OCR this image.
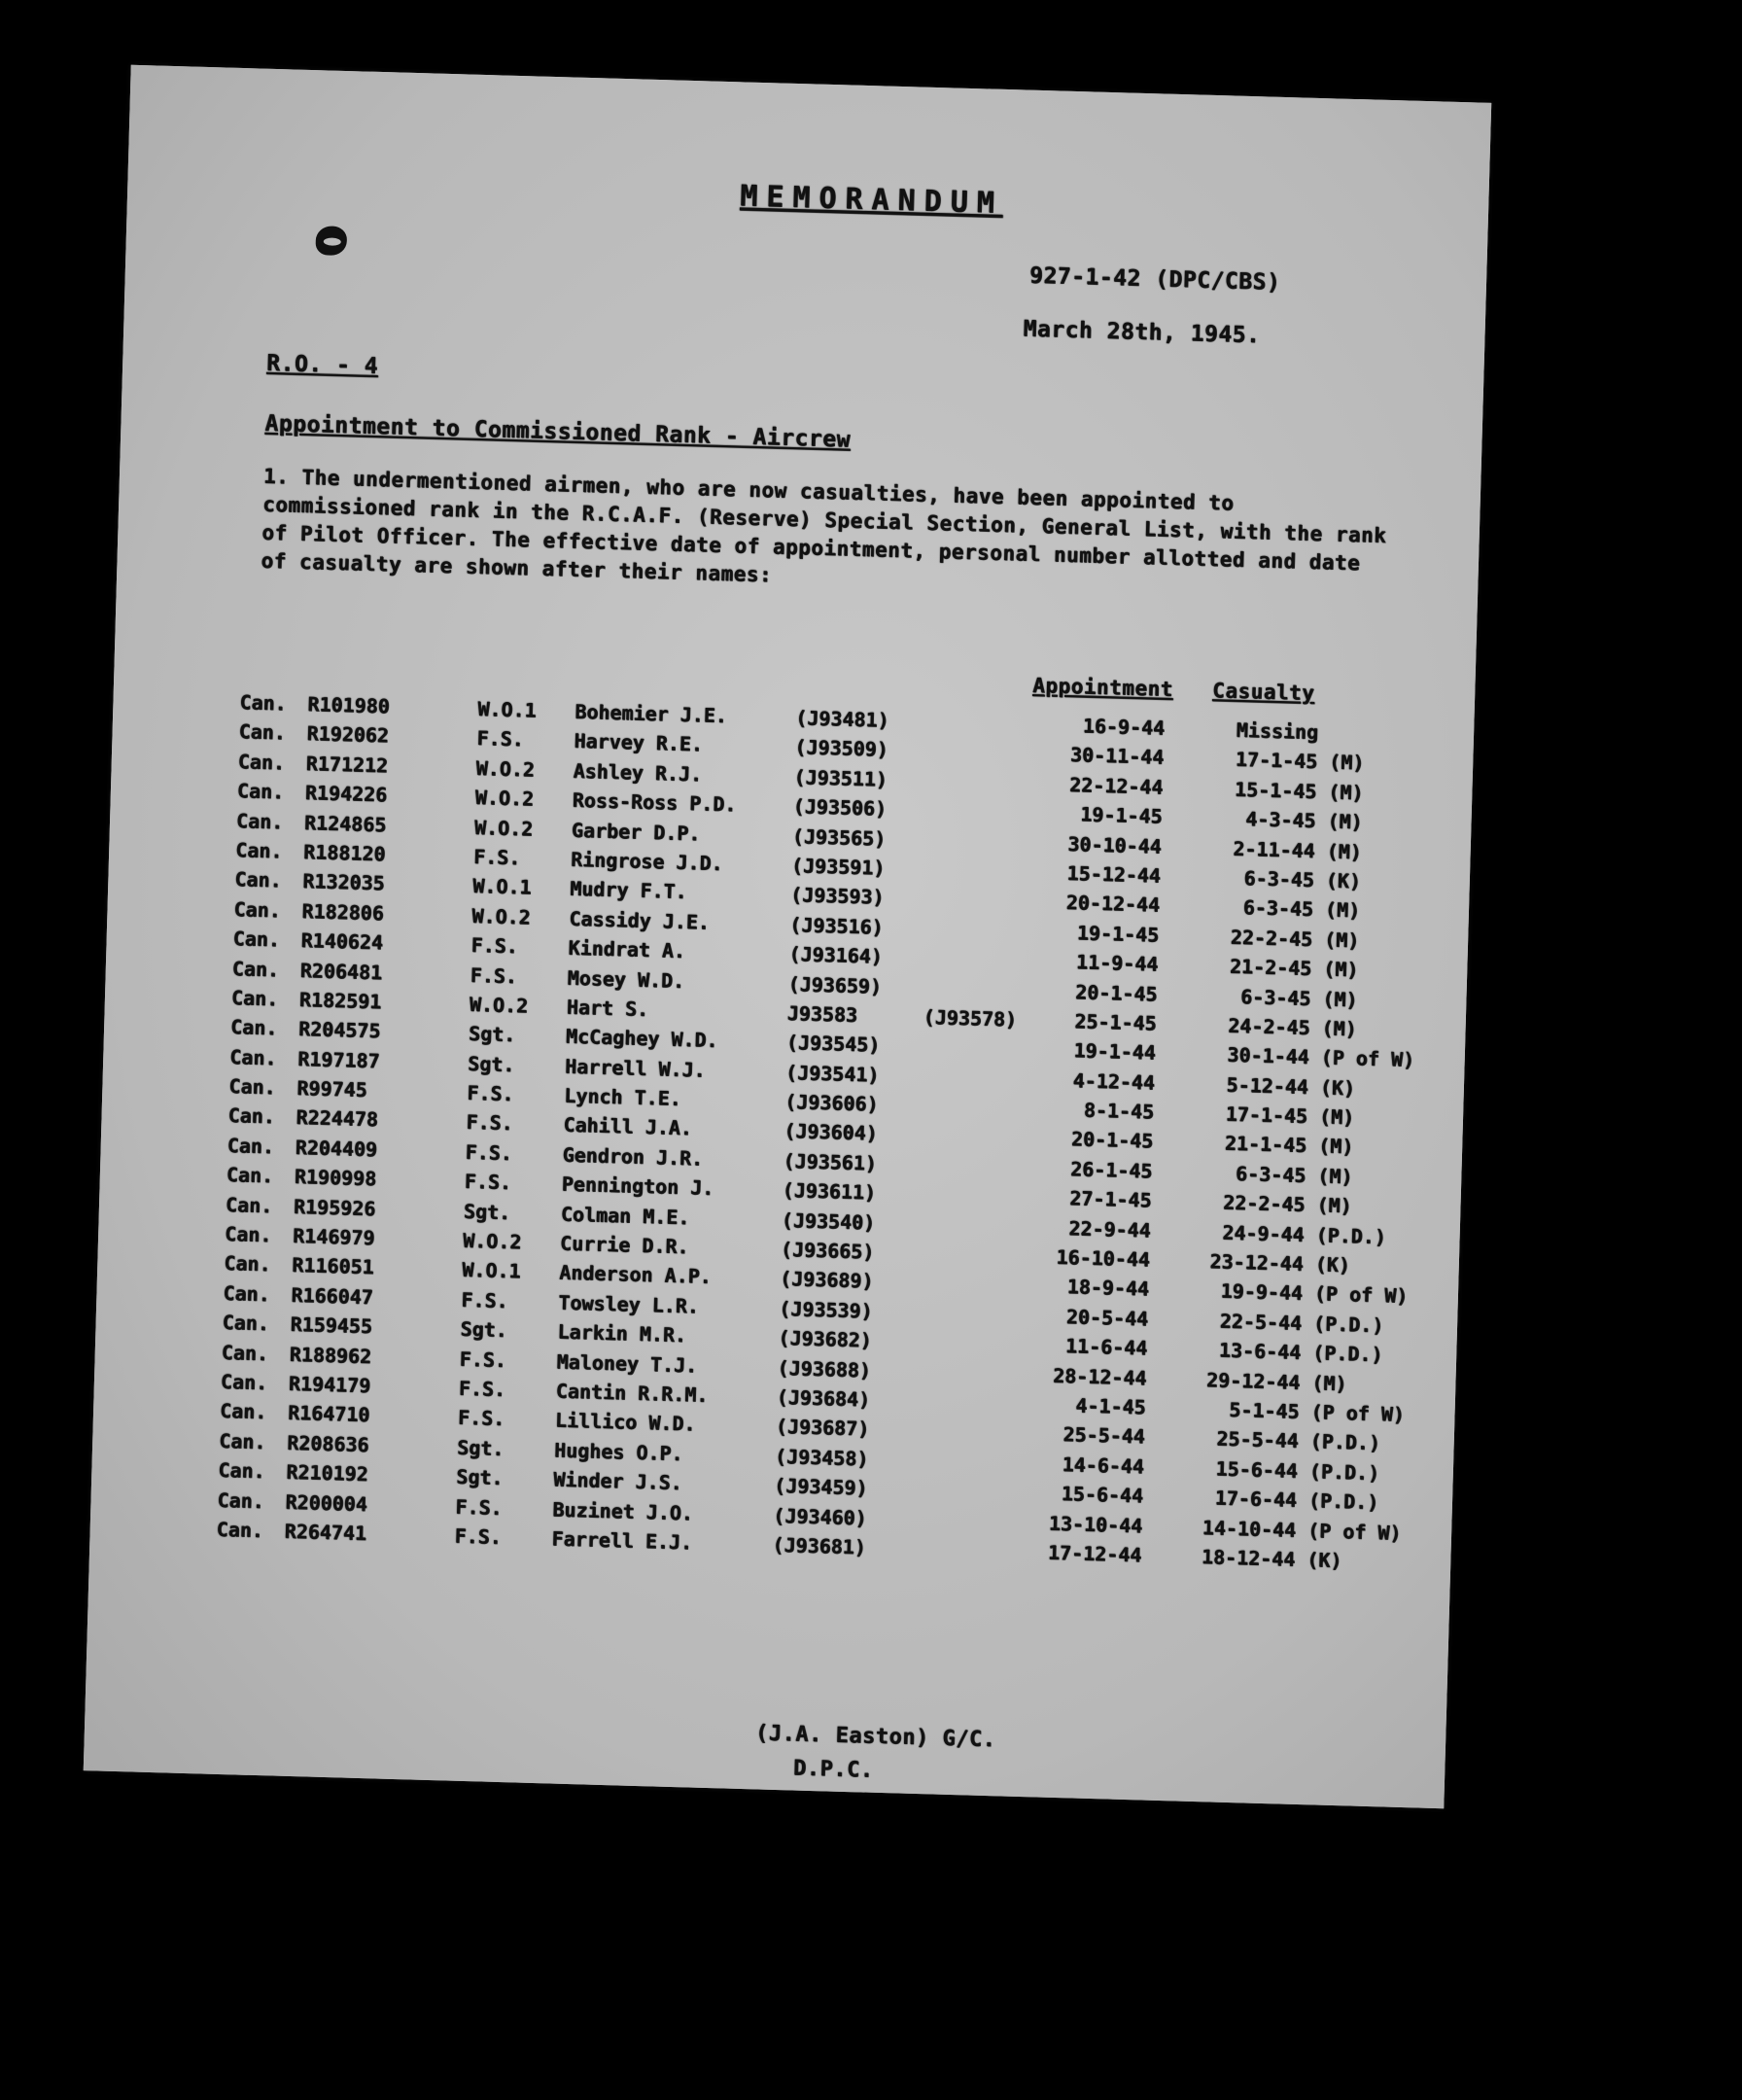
MEMORANDUM
927-1-42 (DPC/CBS)
March 28th, 1945.
R.O. - 4
Appointment to Commissioned Rank - Aircrew
1. The undermentioned airmen, who are now casualties, have been appointed to commissioned rank in the R.C.A.F. (Reserve) Special Section, General List, with the rank of Pilot Officer. The effective date of appointment, personal number allotted and date of casualty are shown after their names:
Appointment Casualty
Can. R101980	W.O.1 Bohemier J.E.	(J93481)	16-9-44	Missing
Can. R192062	F.S.	Harvey R.E.	(J93509)	30-11-44	17-1-45 (M)
Can. R171212	W.O.2 Ashley R.J.	(J93511)	22-12-44	15-1-45 (M)
Can. R194226	W.O.2 Ross-Ross P.D.	(J93506)	19-1-45	4-3-45 (M)
Can. R124865	W.O.2 Garber D.P.	(J93565)	30-10-44	2-11-44 (M)
Can. R188120	F.S.	Ringrose J.D.	(J93591)	15-12-44	6-3-45 (K)
Can. R132035	W.O.1 Mudry F.T.	(J93593)	20-12-44	6-3-45 (M)
Can. R182806	W.O.2 Cassidy J.E.	(J93516)	19-1-45	22-2-45 (M)
Can. R140624	F.S.	Kindrat A.	(J93164)	11-9-44	21-2-45 (M)
Can. R206481	F.S.	Mosey W.D.	(J93659)	20-1-45	6-3-45 (M)
Can. R182591	W.O.2 Hart S.	J93583	(J93578)	25-1-45	24-2-45 (M)
Can. R204575	Sgt.	McCaghey W.D.	(J93545)	19-1-44	30-1-44 (P of W)
Can. R197187	Sgt.	Harrell W.J.	(J93541)	4-12-44	5-12-44 (K)
Can. R99745	F.S.	Lynch T.E.	(J93606)	8-1-45	17-1-45 (M)
Can. R224478	F.S.	Cahill J.A.	(J93604)	20-1-45	21-1-45 (M)
Can. R204409	F.S.	Gendron J.R.	(J93561)	26-1-45	6-3-45 (M)
Can. R190998	F.S.	Pennington J.	(J93611)	27-1-45	22-2-45 (M)
Can. R195926	Sgt.	Colman M.E.	(J93540)	22-9-44	24-9-44 (P.D.)
Can. R146979	W.O.2 Currie D.R.	(J93665)	16-10-44	23-12-44 (K)
Can. R116051	W.O.1 Anderson A.P.	(J93689)	18-9-44	19-9-44 (P of W)
Can. R166047	F.S.	Towsley L.R.	(J93539)	20-5-44	22-5-44 (P.D.)
Can. R159455	Sgt.	Larkin M.R.	(J93682)	11-6-44	13-6-44 (P.D.)
Can. R188962	F.S.	Maloney T.J.	(J93688)	28-12-44	29-12-44 (M)
Can. R194179	F.S.	Cantin R.R.M.	(J93684)	4-1-45	5-1-45 (P of W)
Can. R164710	F.S.	Lillico W.D.	(J93687)	25-5-44	25-5-44 (P.D.)
Can. R208636	Sgt.	Hughes O.P.	(J93458)	14-6-44	15-6-44 (P.D.)
Can. R210192	Sgt.	Winder J.S.	(J93459)	15-6-44	17-6-44 (P.D.)
Can. R200004	F.S.	Buzinet J.O.	(J93460)	13-10-44	14-10-44 (P of W)
Can. R264741	F.S.	Farrell E.J.	(J93681)	17-12-44	18-12-44 (K)
(J.A. Easton) G/C.
D.P.C.
